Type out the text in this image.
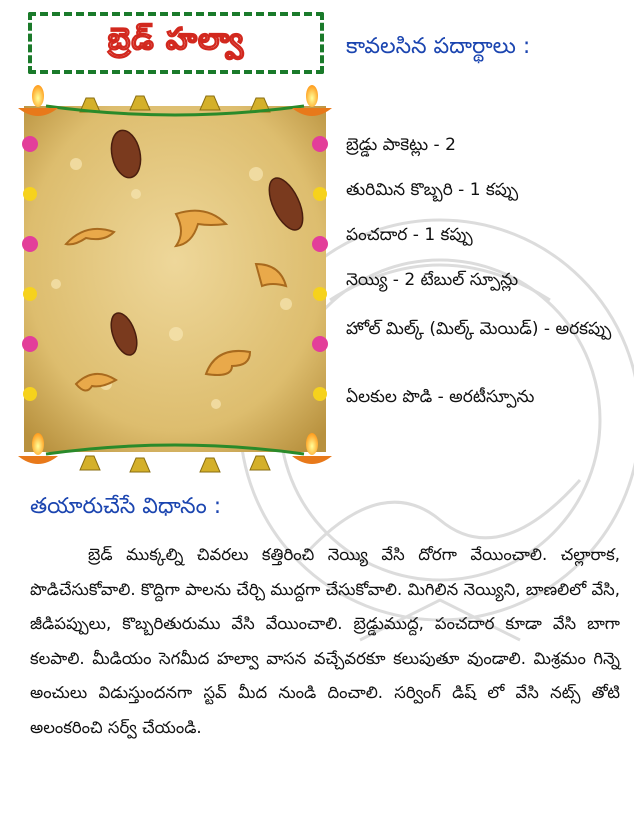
బ్రెడ్ హల్వా	కావలసిన పదార్థాలు :
బ్రెడ్డు పాకెట్లు - 2
తురిమిన కొబ్బరి - 1 కప్పు
పంచదార - 1 కప్పు
నెయ్యి - 2 టేబుల్ స్పూన్లు
హోల్ మిల్క్ (మిల్క్ మెయిడ్) - అరకప్పు
ఏలకుల పొడి - అరటీస్పూను
తయారుచేసే విధానం :

బ్రెడ్ ముక్కల్ని చివరలు కత్తిరించి నెయ్యి వేసి దోరగా వేయించాలి. చల్లారాక, పొడిచేసుకోవాలి. కొద్దిగా పాలను చేర్చి ముద్దగా చేసుకోవాలి. మిగిలిన నెయ్యిని, బాణలిలో వేసి, జీడిపప్పులు, కొబ్బరితురుము వేసి వేయించాలి. బ్రెడ్డుముద్ద, పంచదార కూడా వేసి బాగా కలపాలి. మీడియం సెగమీద హల్వా వాసన వచ్చేవరకూ కలుపుతూ వుండాలి. మిశ్రమం గిన్నె అంచులు విడుస్తుందనగా స్టవ్ మీద నుండి దించాలి. సర్వింగ్ డిష్ లో వేసి నట్స్ తోటి అలంకరించి సర్వ్ చేయండి.
